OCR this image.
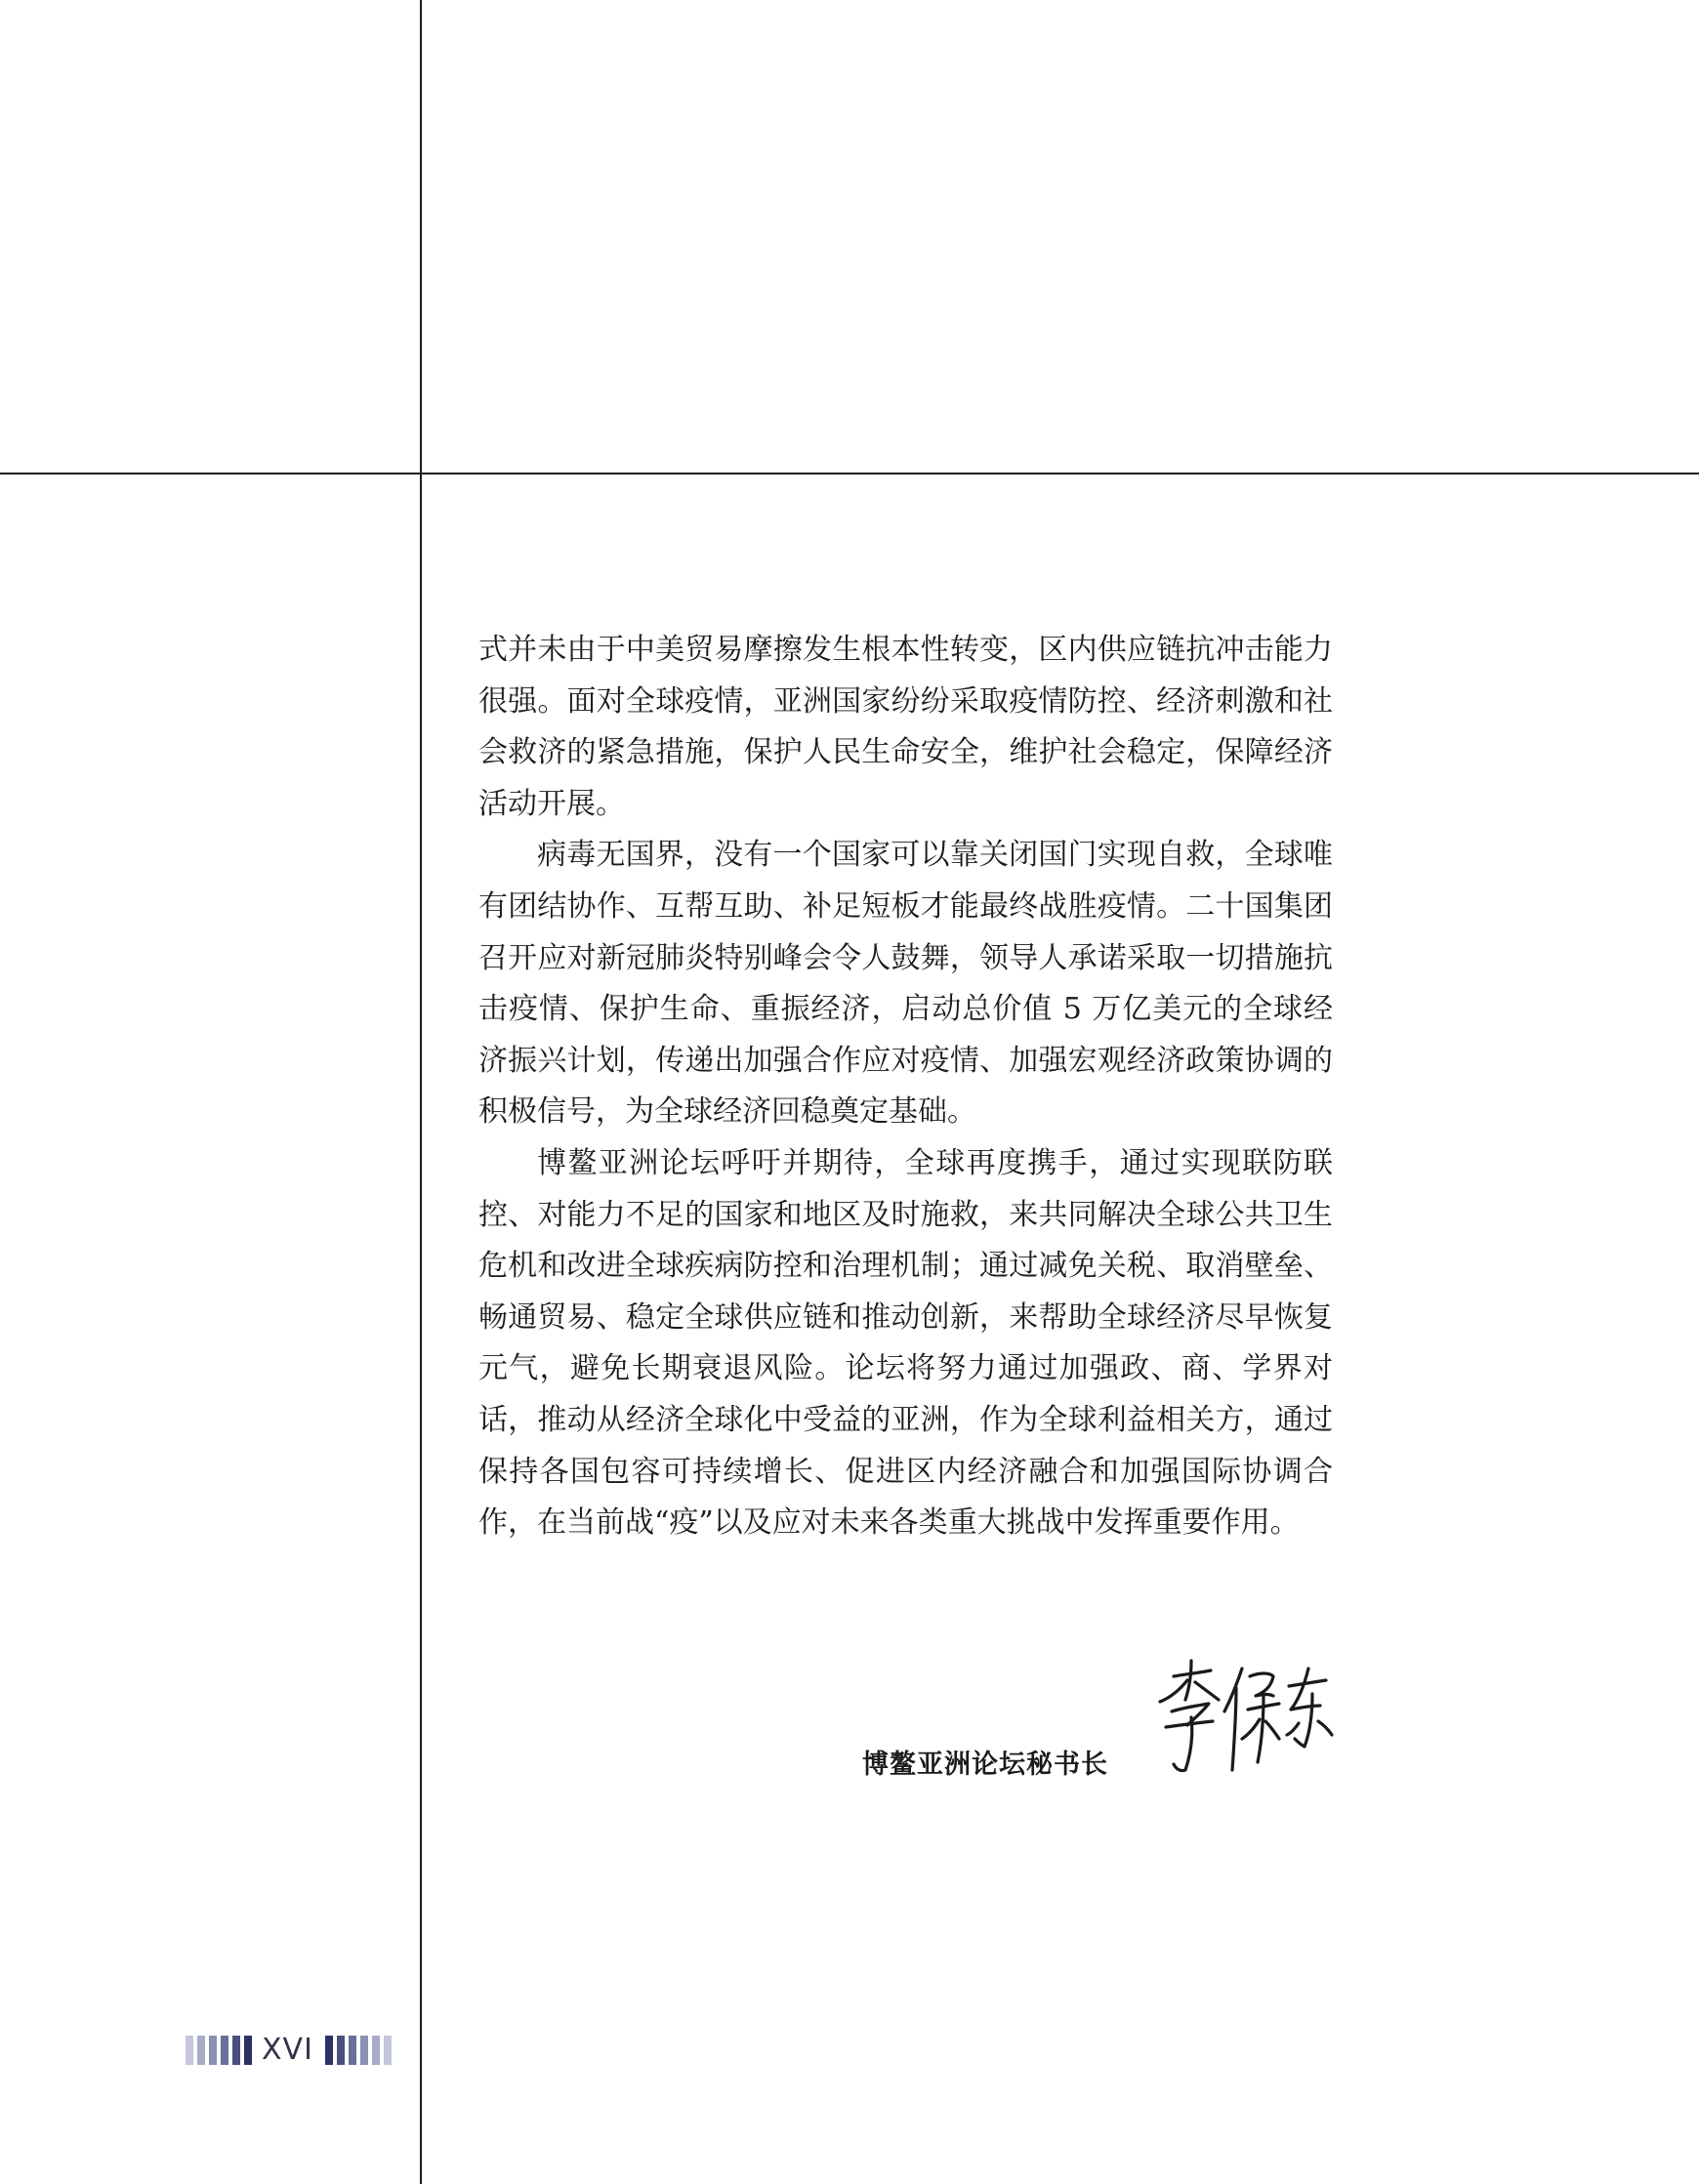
式并未由于中美贸易摩擦发生根本性转变，区内供应链抗冲击能力很强。面对全球疫情，亚洲国家纷纷采取疫情防控、经济刺激和社会救济的紧急措施，保护人民生命安全，维护社会稳定，保障经济活动开展。

病毒无国界，没有一个国家可以靠关闭国门实现自救，全球唯有团结协作、互帮互助、补足短板才能最终战胜疫情。二十国集团召开应对新冠肺炎特别峰会令人鼓舞，领导人承诺采取一切措施抗击疫情、保护生命、重振经济，启动总价值 5 万亿美元的全球经济振兴计划，传递出加强合作应对疫情、加强宏观经济政策协调的积极信号，为全球经济回稳奠定基础。

博鳌亚洲论坛呼吁并期待，全球再度携手，通过实现联防联控、对能力不足的国家和地区及时施救，来共同解决全球公共卫生危机和改进全球疾病防控和治理机制；通过减免关税、取消壁垒、畅通贸易、稳定全球供应链和推动创新，来帮助全球经济尽早恢复元气，避免长期衰退风险。论坛将努力通过加强政、商、学界对话，推动从经济全球化中受益的亚洲，作为全球利益相关方，通过保持各国包容可持续增长、促进区内经济融合和加强国际协调合作，在当前战“疫”以及应对未来各类重大挑战中发挥重要作用。

博鳌亚洲论坛秘书长
XVI
